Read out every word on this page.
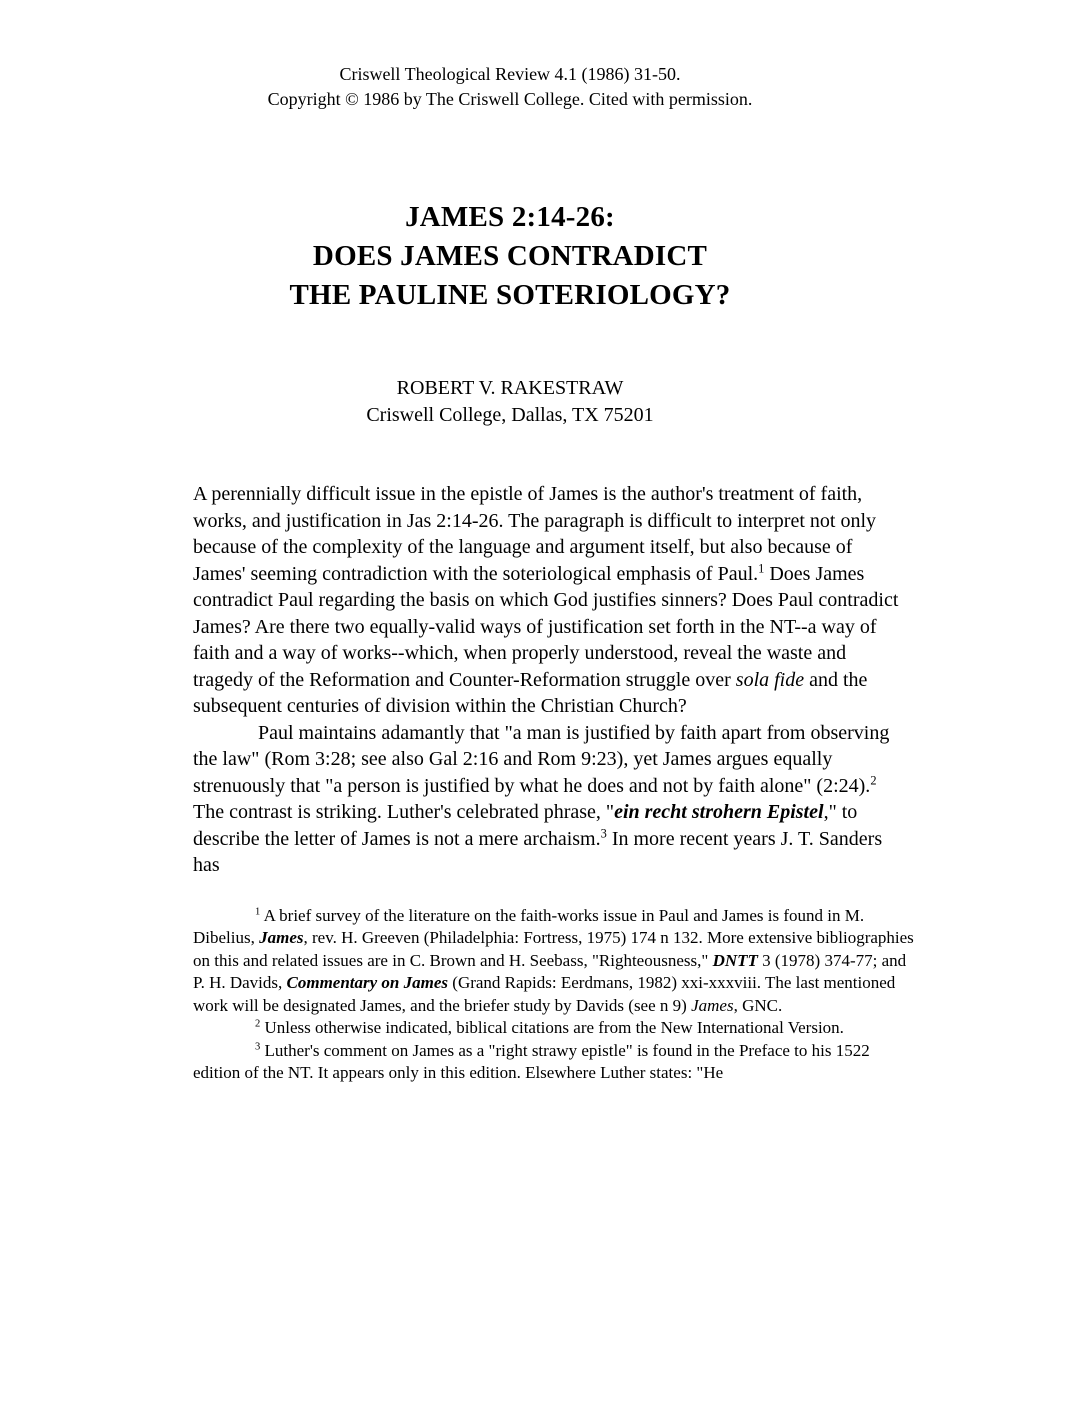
Criswell Theological Review 4.1 (1986) 31-50.
Copyright © 1986 by The Criswell College. Cited with permission.
JAMES 2:14-26:
DOES JAMES CONTRADICT
THE PAULINE SOTERIOLOGY?
ROBERT V. RAKESTRAW
Criswell College, Dallas, TX 75201

A perennially difficult issue in the epistle of James is the author's treatment of faith, works, and justification in Jas 2:14-26. The paragraph is difficult to interpret not only because of the complexity of the language and argument itself, but also because of James' seeming contradiction with the soteriological emphasis of Paul.$^1$ Does James contradict Paul regarding the basis on which God justifies sinners? Does Paul contradict James? Are there two equally-valid ways of justification set forth in the NT--a way of faith and a way of works--which, when properly understood, reveal the waste and tragedy of the Reformation and Counter-Reformation struggle over sola fide and the subsequent centuries of division within the Christian Church?

Paul maintains adamantly that "a man is justified by faith apart from observing the law" (Rom 3:28; see also Gal 2:16 and Rom 9:23), yet James argues equally strenuously that "a person is justified by what he does and not by faith alone" (2:24).$^2$ The contrast is striking. Luther's celebrated phrase, "ein recht strohern Epistel," to describe the letter of James is not a mere archaism.$^3$ In more recent years J. T. Sanders has

$^1$ A brief survey of the literature on the faith-works issue in Paul and James is found in M. Dibelius, James, rev. H. Greeven (Philadelphia: Fortress, 1975) 174 n 132. More extensive bibliographies on this and related issues are in C. Brown and H. Seebass, "Righteousness," DNTT 3 (1978) 374-77; and P. H. Davids, Commentary on James (Grand Rapids: Eerdmans, 1982) xxi-xxxviii. The last mentioned work will be designated James, and the briefer study by Davids (see n 9) James, GNC.

$^2$ Unless otherwise indicated, biblical citations are from the New International Version.

$^3$ Luther's comment on James as a "right strawy epistle" is found in the Preface to his 1522 edition of the NT. It appears only in this edition. Elsewhere Luther states: "He
